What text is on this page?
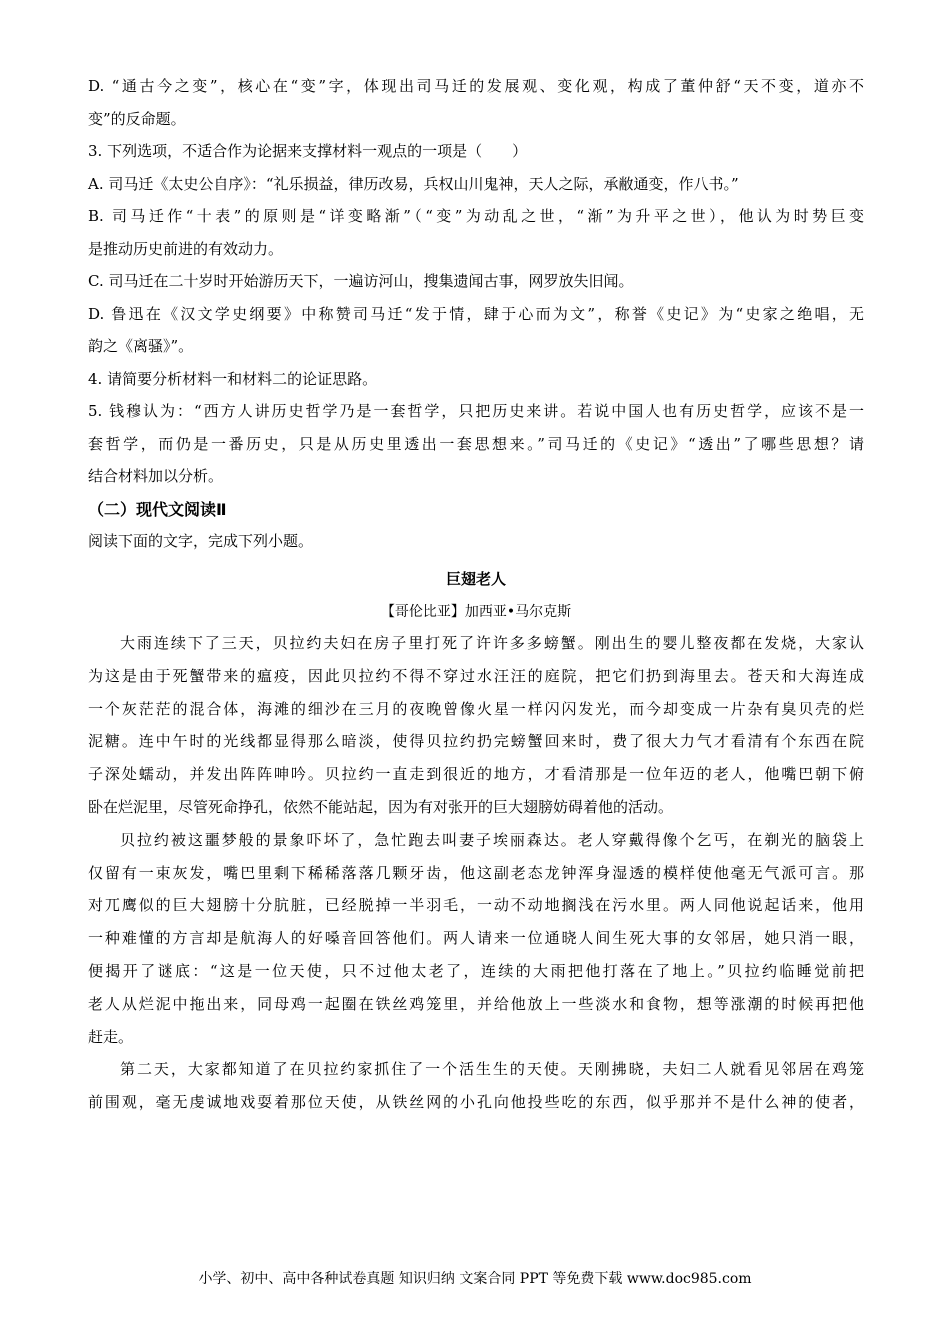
D. “通古今之变”，核心在“变”字，体现出司马迁的发展观、变化观，构成了董仲舒“天不变，道亦不
变”的反命题。
3. 下列选项，不适合作为论据来支撑材料一观点的一项是（　　）
A. 司马迁《太史公自序》：“礼乐损益，律历改易，兵权山川鬼神，天人之际，承敝通变，作八书。”
B. 司马迁作“十表”的原则是“详变略渐”（“变”为动乱之世，“渐”为升平之世），他认为时势巨变
是推动历史前进的有效动力。
C. 司马迁在二十岁时开始游历天下，一遍访河山，搜集遗闻古事，网罗放失旧闻。
D. 鲁迅在《汉文学史纲要》中称赞司马迁“发于情，肆于心而为文”，称誉《史记》为“史家之绝唱，无
韵之《离骚》”。
4. 请简要分析材料一和材料二的论证思路。
5. 钱穆认为：“西方人讲历史哲学乃是一套哲学，只把历史来讲。若说中国人也有历史哲学，应该不是一
套哲学，而仍是一番历史，只是从历史里透出一套思想来。”司马迁的《史记》“透出”了哪些思想？请
结合材料加以分析。
（二）现代文阅读Ⅱ
阅读下面的文字，完成下列小题。
巨翅老人
【哥伦比亚】加西亚•马尔克斯
大雨连续下了三天，贝拉约夫妇在房子里打死了许许多多螃蟹。刚出生的婴儿整夜都在发烧，大家认
为这是由于死蟹带来的瘟疫，因此贝拉约不得不穿过水汪汪的庭院，把它们扔到海里去。苍天和大海连成
一个灰茫茫的混合体，海滩的细沙在三月的夜晚曾像火星一样闪闪发光，而今却变成一片杂有臭贝壳的烂
泥糖。连中午时的光线都显得那么暗淡，使得贝拉约扔完螃蟹回来时，费了很大力气才看清有个东西在院
子深处蠕动，并发出阵阵呻吟。贝拉约一直走到很近的地方，才看清那是一位年迈的老人，他嘴巴朝下俯
卧在烂泥里，尽管死命挣孔，依然不能站起，因为有对张开的巨大翅膀妨碍着他的活动。
贝拉约被这噩梦般的景象吓坏了，急忙跑去叫妻子埃丽森达。老人穿戴得像个乞丐，在剃光的脑袋上
仅留有一束灰发，嘴巴里剩下稀稀落落几颗牙齿，他这副老态龙钟浑身湿透的模样使他毫无气派可言。那
对兀鹰似的巨大翅膀十分肮脏，已经脱掉一半羽毛，一动不动地搁浅在污水里。两人同他说起话来，他用
一种难懂的方言却是航海人的好嗓音回答他们。两人请来一位通晓人间生死大事的女邻居，她只消一眼，
便揭开了谜底：“这是一位天使，只不过他太老了，连续的大雨把他打落在了地上。”贝拉约临睡觉前把
老人从烂泥中拖出来，同母鸡一起圈在铁丝鸡笼里，并给他放上一些淡水和食物，想等涨潮的时候再把他
赶走。
第二天，大家都知道了在贝拉约家抓住了一个活生生的天使。天刚拂晓，夫妇二人就看见邻居在鸡笼
前围观，毫无虔诚地戏耍着那位天使，从铁丝网的小孔向他投些吃的东西，似乎那并不是什么神的使者，
小学、初中、高中各种试卷真题 知识归纳 文案合同 PPT 等免费下载 www.doc985.com
